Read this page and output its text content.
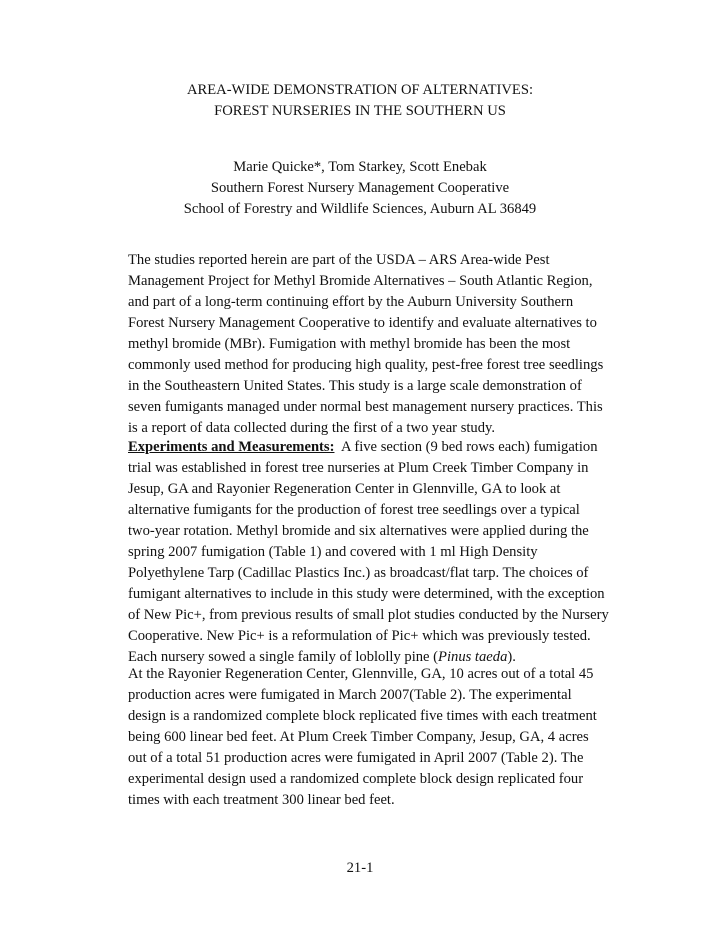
AREA-WIDE DEMONSTRATION OF ALTERNATIVES:
FOREST NURSERIES IN THE SOUTHERN US
Marie Quicke*, Tom Starkey, Scott Enebak
Southern Forest Nursery Management Cooperative
School of Forestry and Wildlife Sciences, Auburn AL 36849
The studies reported herein are part of the USDA – ARS Area-wide Pest
Management Project for Methyl Bromide Alternatives – South Atlantic Region,
and part of a long-term continuing effort by the Auburn University Southern
Forest Nursery Management Cooperative to identify and evaluate alternatives to
methyl bromide (MBr). Fumigation with methyl bromide has been the most
commonly used method for producing high quality, pest-free forest tree seedlings
in the Southeastern United States. This study is a large scale demonstration of
seven fumigants managed under normal best management nursery practices. This
is a report of data collected during the first of a two year study.
Experiments and Measurements: A five section (9 bed rows each) fumigation
trial was established in forest tree nurseries at Plum Creek Timber Company in
Jesup, GA and Rayonier Regeneration Center in Glennville, GA to look at
alternative fumigants for the production of forest tree seedlings over a typical
two-year rotation. Methyl bromide and six alternatives were applied during the
spring 2007 fumigation (Table 1) and covered with 1 ml High Density
Polyethylene Tarp (Cadillac Plastics Inc.) as broadcast/flat tarp. The choices of
fumigant alternatives to include in this study were determined, with the exception
of New Pic+, from previous results of small plot studies conducted by the Nursery
Cooperative. New Pic+ is a reformulation of Pic+ which was previously tested.
Each nursery sowed a single family of loblolly pine (Pinus taeda).
At the Rayonier Regeneration Center, Glennville, GA, 10 acres out of a total 45
production acres were fumigated in March 2007(Table 2). The experimental
design is a randomized complete block replicated five times with each treatment
being 600 linear bed feet. At Plum Creek Timber Company, Jesup, GA, 4 acres
out of a total 51 production acres were fumigated in April 2007 (Table 2). The
experimental design used a randomized complete block design replicated four
times with each treatment 300 linear bed feet.
21-1
